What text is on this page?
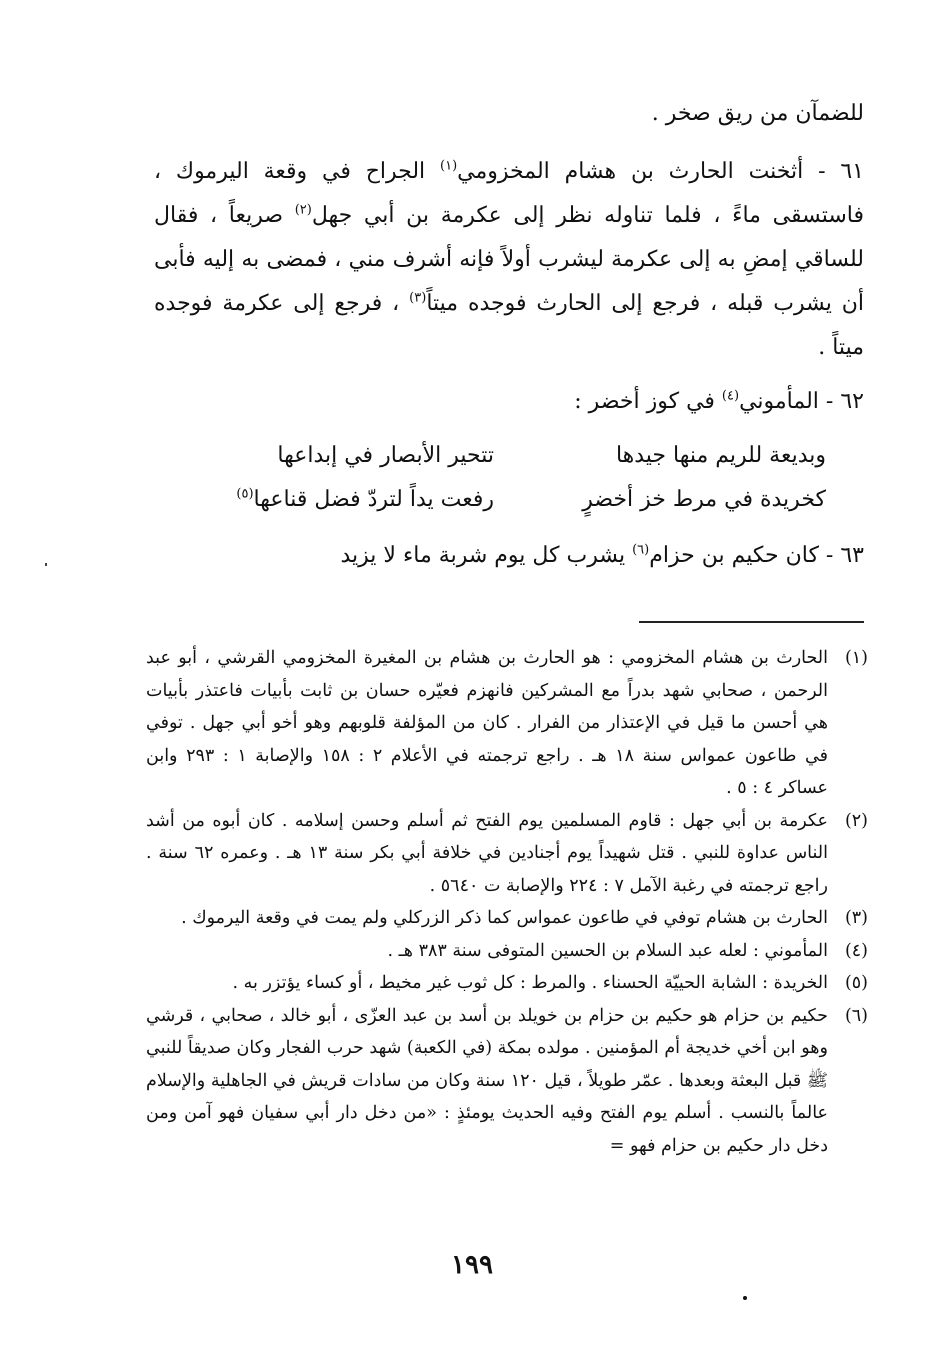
للضمآن من ريق صخر .

٦١ - أثخنت الحارث بن هشام المخزومي$^{(١)}$ الجراح في وقعة اليرموك ، فاستسقى ماءً ، فلما تناوله نظر إلى عكرمة بن أبي جهل$^{(٢)}$ صريعاً ، فقال للساقي إمضِ به إلى عكرمة ليشرب أولاً فإنه أشرف مني ، فمضى به إليه فأبى أن يشرب قبله ، فرجع إلى الحارث فوجده ميتاً$^{(٣)}$ ، فرجع إلى عكرمة فوجده ميتاً .

٦٢ - المأموني$^{(٤)}$ في كوز أخضر :

وبديعة للريم منها جيدها
تتحير الأبصار في إبداعها
كخريدة في مرط خز أخضرٍ
رفعت يداً لتردّ فضل قناعها$^{(٥)}$

٦٣ - كان حكيم بن حزام$^{(٦)}$ يشرب كل يوم شربة ماء لا يزيد

(١)
الحارث بن هشام المخزومي : هو الحارث بن هشام بن المغيرة المخزومي القرشي ، أبو عبد الرحمن ، صحابي شهد بدراً مع المشركين فانهزم فعيّره حسان بن ثابت بأبيات فاعتذر بأبيات هي أحسن ما قيل في الإعتذار من الفرار . كان من المؤلفة قلوبهم وهو أخو أبي جهل . توفي في طاعون عمواس سنة ١٨ هـ . راجع ترجمته في الأعلام ٢ : ١٥٨ والإصابة ١ : ٢٩٣ وابن عساكر ٤ : ٥ .
(٢)
عكرمة بن أبي جهل : قاوم المسلمين يوم الفتح ثم أسلم وحسن إسلامه . كان أبوه من أشد الناس عداوة للنبي . قتل شهيداً يوم أجنادين في خلافة أبي بكر سنة ١٣ هـ . وعمره ٦٢ سنة . راجع ترجمته في رغبة الآمل ٧ : ٢٢٤ والإصابة ت ٥٦٤٠ .
(٣)
الحارث بن هشام توفي في طاعون عمواس كما ذكر الزركلي ولم يمت في وقعة اليرموك .
(٤)
المأموني : لعله عبد السلام بن الحسين المتوفى سنة ٣٨٣ هـ .
(٥)
الخريدة : الشابة الحييّة الحسناء . والمرط : كل ثوب غير مخيط ، أو كساء يؤتزر به .
(٦)
حكيم بن حزام هو حكيم بن حزام بن خويلد بن أسد بن عبد العزّى ، أبو خالد ، صحابي ، قرشي وهو ابن أخي خديجة أم المؤمنين . مولده بمكة (في الكعبة) شهد حرب الفجار وكان صديقاً للنبي ﷺ قبل البعثة وبعدها . عمّر طويلاً ، قيل ١٢٠ سنة وكان من سادات قريش في الجاهلية والإسلام عالماً بالنسب . أسلم يوم الفتح وفيه الحديث يومئذٍ : «من دخل دار أبي سفيان فهو آمن ومن دخل دار حكيم بن حزام فهو =
١٩٩
